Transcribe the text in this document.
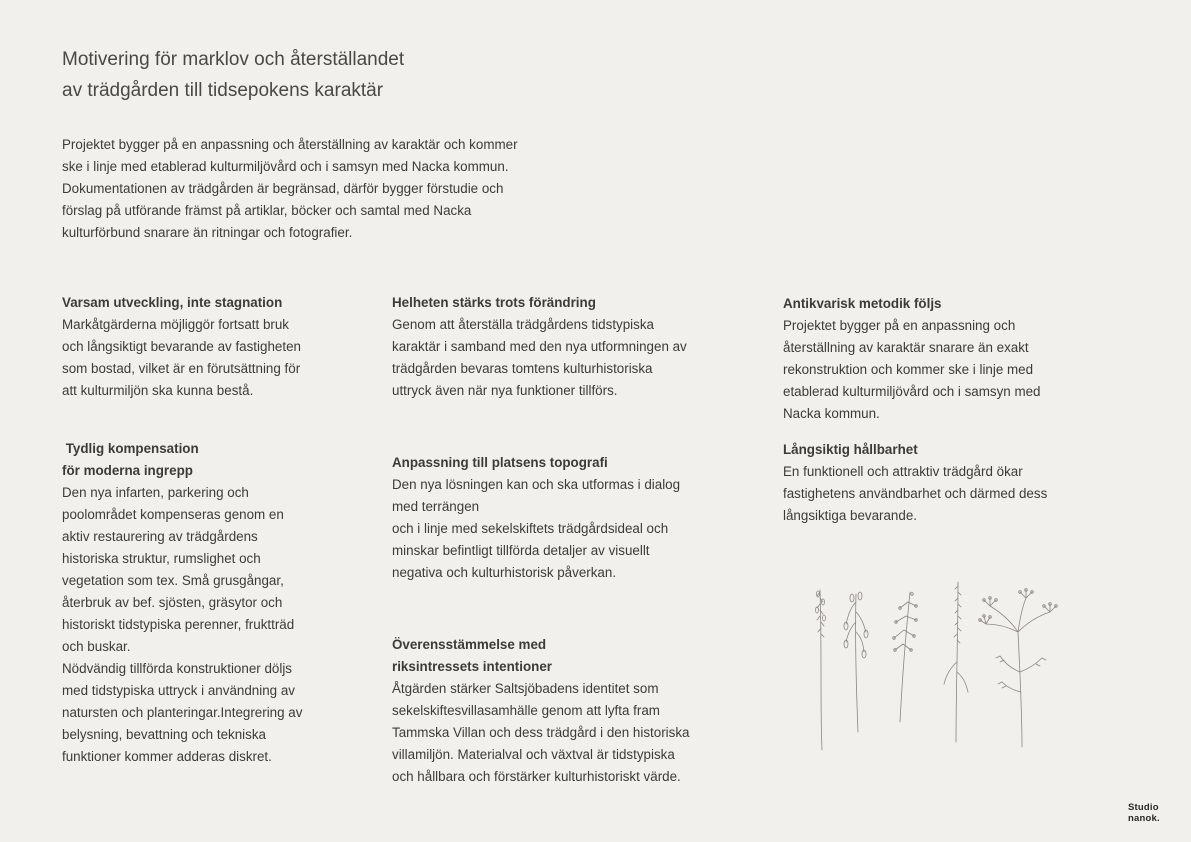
Motivering för marklov och återställandet
av trädgården till tidsepokens karaktär

Projektet bygger på en anpassning och återställning av karaktär och kommer
ske i linje med etablerad kulturmiljövård och i samsyn med Nacka kommun.
Dokumentationen av trädgården är begränsad, därför bygger förstudie och
förslag på utförande främst på artiklar, böcker och samtal med Nacka
kulturförbund snarare än ritningar och fotografier.

Varsam utveckling, inte stagnation

Markåtgärderna möjliggör fortsatt bruk
och långsiktigt bevarande av fastigheten
som bostad, vilket är en förutsättning för
att kulturmiljön ska kunna bestå.

Tydlig kompensation
för moderna ingrepp

Den nya infarten, parkering och
poolområdet kompenseras genom en
aktiv restaurering av trädgårdens
historiska struktur, rumslighet och
vegetation som tex. Små grusgångar,
återbruk av bef. sjösten, gräsytor och
historiskt tidstypiska perenner, fruktträd
och buskar.
Nödvändig tillförda konstruktioner döljs
med tidstypiska uttryck i användning av
natursten och planteringar.Integrering av
belysning, bevattning och tekniska
funktioner kommer adderas diskret.

Helheten stärks trots förändring

Genom att återställa trädgårdens tidstypiska
karaktär i samband med den nya utformningen av
trädgården bevaras tomtens kulturhistoriska
uttryck även när nya funktioner tillförs.

Anpassning till platsens topografi

Den nya lösningen kan och ska utformas i dialog
med terrängen
och i linje med sekelskiftets trädgårdsideal och
minskar befintligt tillförda detaljer av visuellt
negativa och kulturhistorisk påverkan.

Överensstämmelse med
riksintressets intentioner

Åtgärden stärker Saltsjöbadens identitet som
sekelskiftesvillasamhälle genom att lyfta fram
Tammska Villan och dess trädgård i den historiska
villamiljön. Materialval och växtval är tidstypiska
och hållbara och förstärker kulturhistoriskt värde.

Antikvarisk metodik följs

Projektet bygger på en anpassning och
återställning av karaktär snarare än exakt
rekonstruktion och kommer ske i linje med
etablerad kulturmiljövård och i samsyn med
Nacka kommun.

Långsiktig hållbarhet

En funktionell och attraktiv trädgård ökar
fastighetens användbarhet och därmed dess
långsiktiga bevarande.

Studio
nanok.
